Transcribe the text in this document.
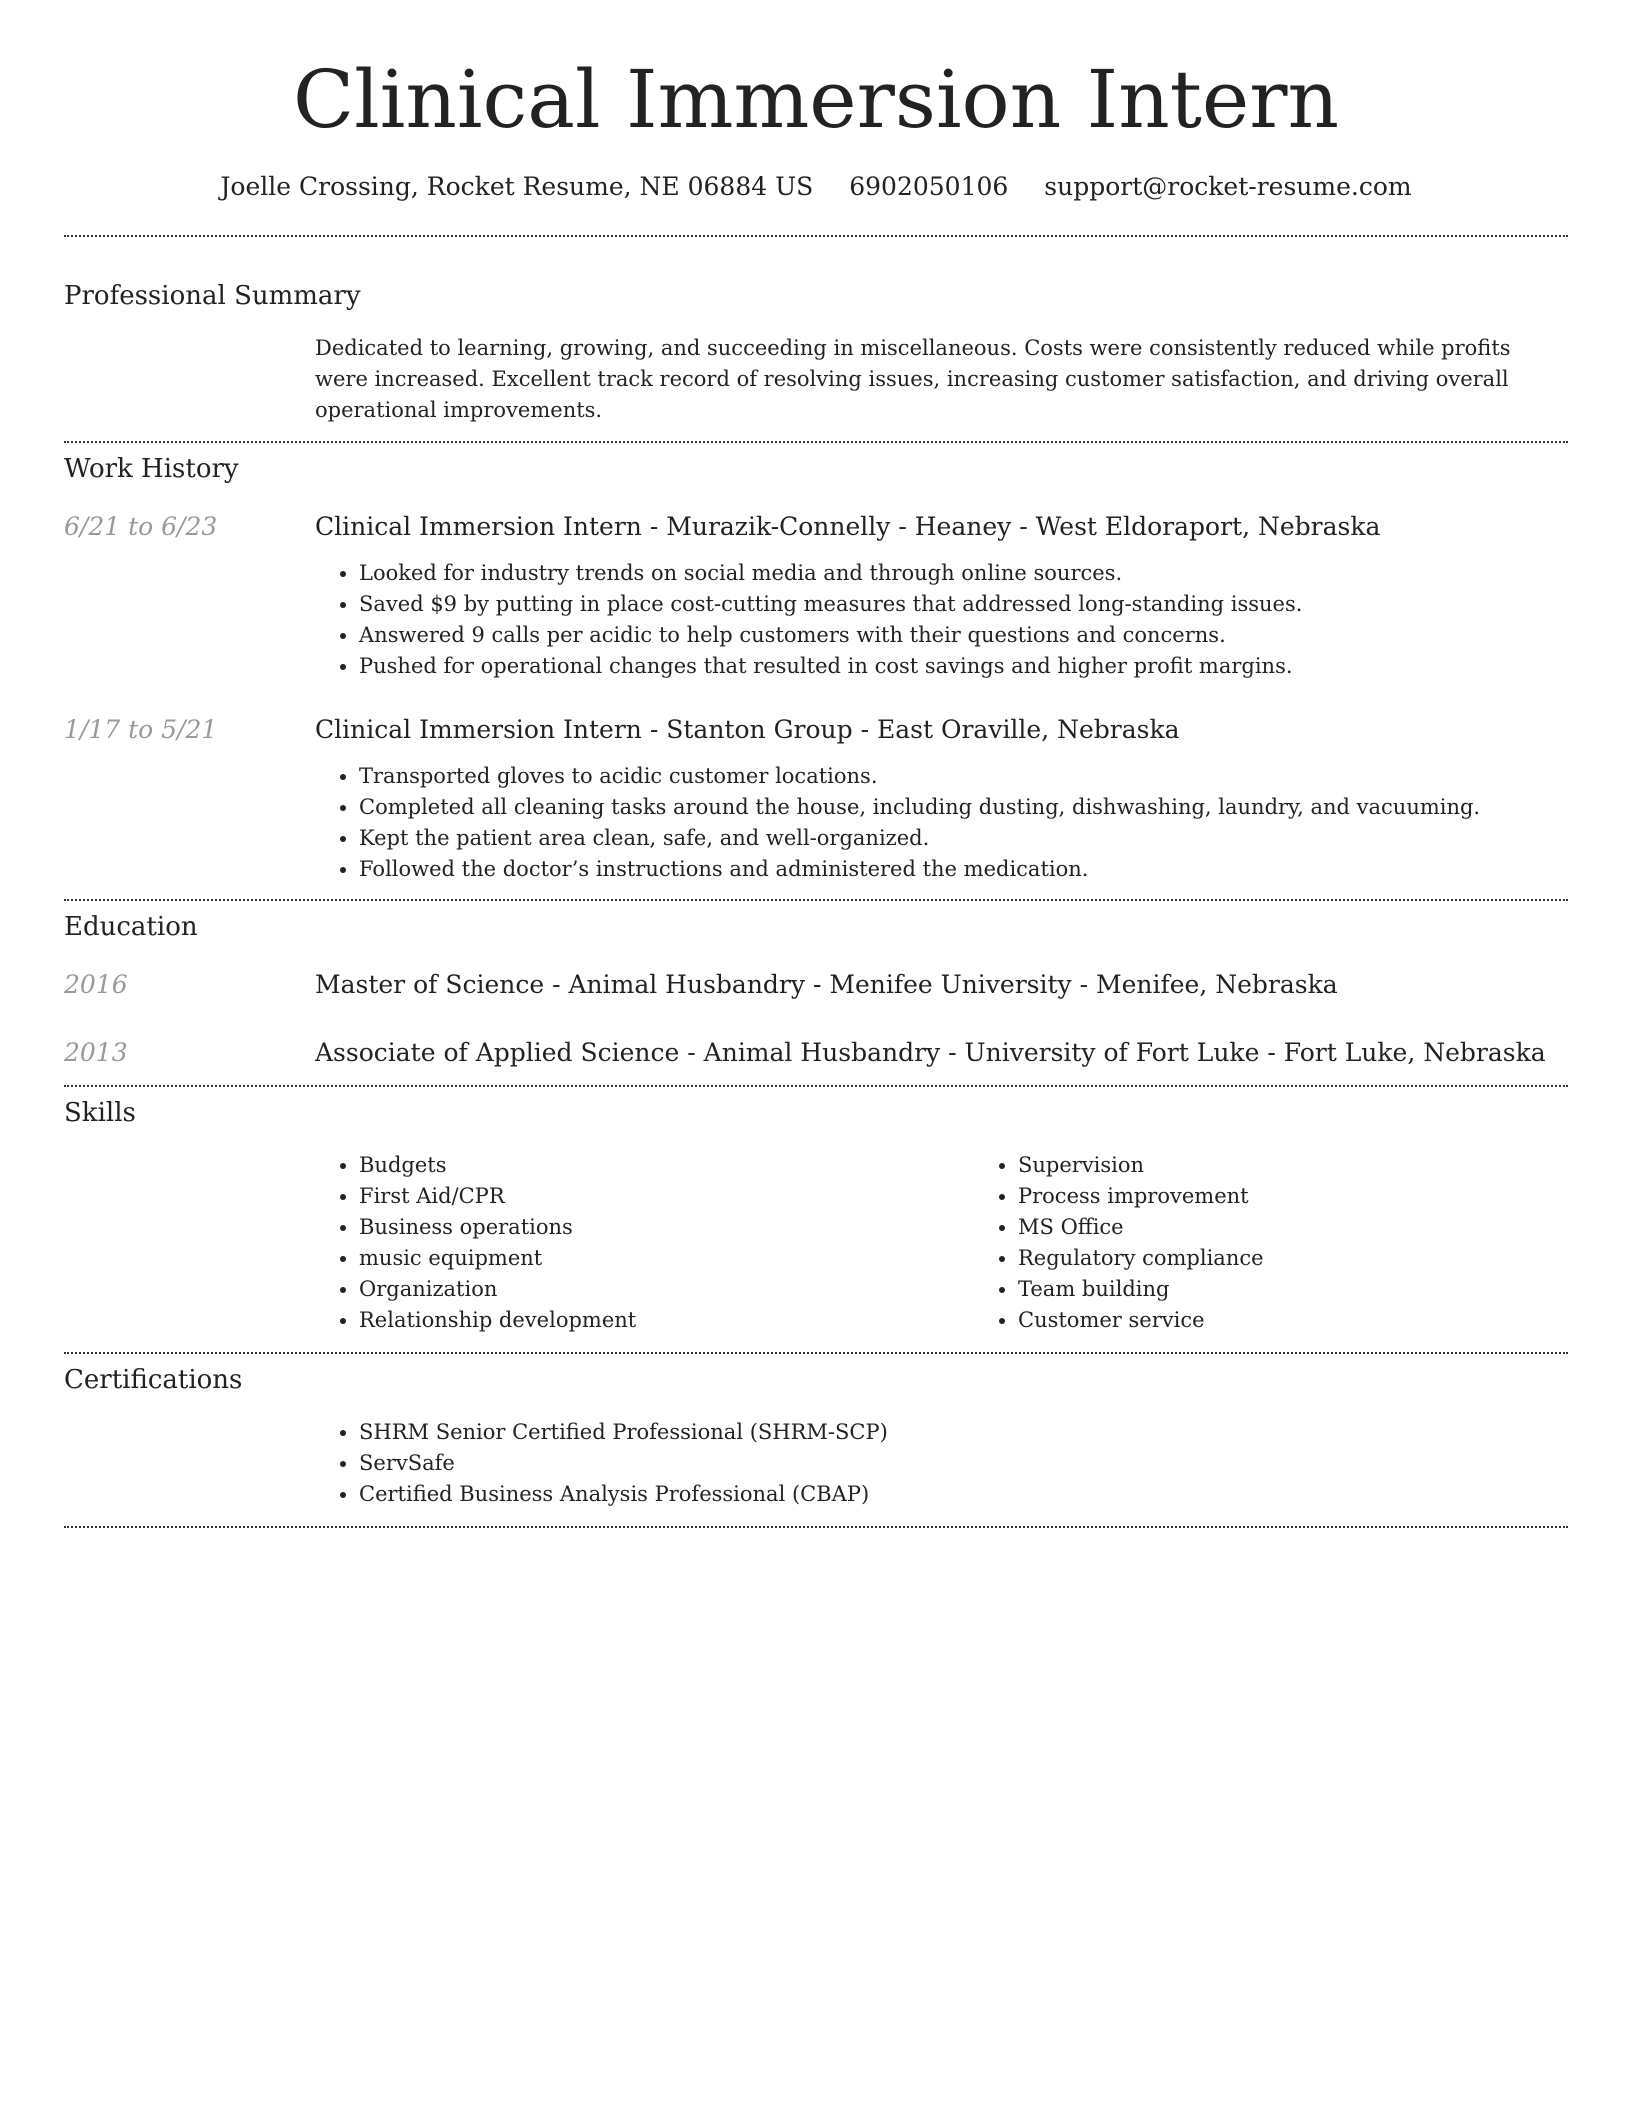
Clinical Immersion Intern
Joelle Crossing, Rocket Resume, NE 06884 US 6902050106 support@rocket-resume.com
Professional Summary

Dedicated to learning, growing, and succeeding in miscellaneous. Costs were consistently reduced while profits were increased. Excellent track record of resolving issues, increasing customer satisfaction, and driving overall operational improvements.

Work History
6/21 to 6/23	Clinical Immersion Intern - Murazik-Connelly - Heaney - West Eldoraport, Nebraska
• Looked for industry trends on social media and through online sources.
• Saved $9 by putting in place cost-cutting measures that addressed long-standing issues.
• Answered 9 calls per acidic to help customers with their questions and concerns.
• Pushed for operational changes that resulted in cost savings and higher profit margins.
1/17 to 5/21	Clinical Immersion Intern - Stanton Group - East Oraville, Nebraska
• Transported gloves to acidic customer locations.
• Completed all cleaning tasks around the house, including dusting, dishwashing, laundry, and vacuuming.
• Kept the patient area clean, safe, and well-organized.
• Followed the doctor’s instructions and administered the medication.
Education
2016	Master of Science - Animal Husbandry - Menifee University - Menifee, Nebraska
2013	Associate of Applied Science - Animal Husbandry - University of Fort Luke - Fort Luke, Nebraska
Skills
• Budgets
• First Aid/CPR
• Business operations
• music equipment
• Organization
• Relationship development
• Supervision
• Process improvement
• MS Office
• Regulatory compliance
• Team building
• Customer service
Certifications
• SHRM Senior Certified Professional (SHRM-SCP)
• ServSafe
• Certified Business Analysis Professional (CBAP)
